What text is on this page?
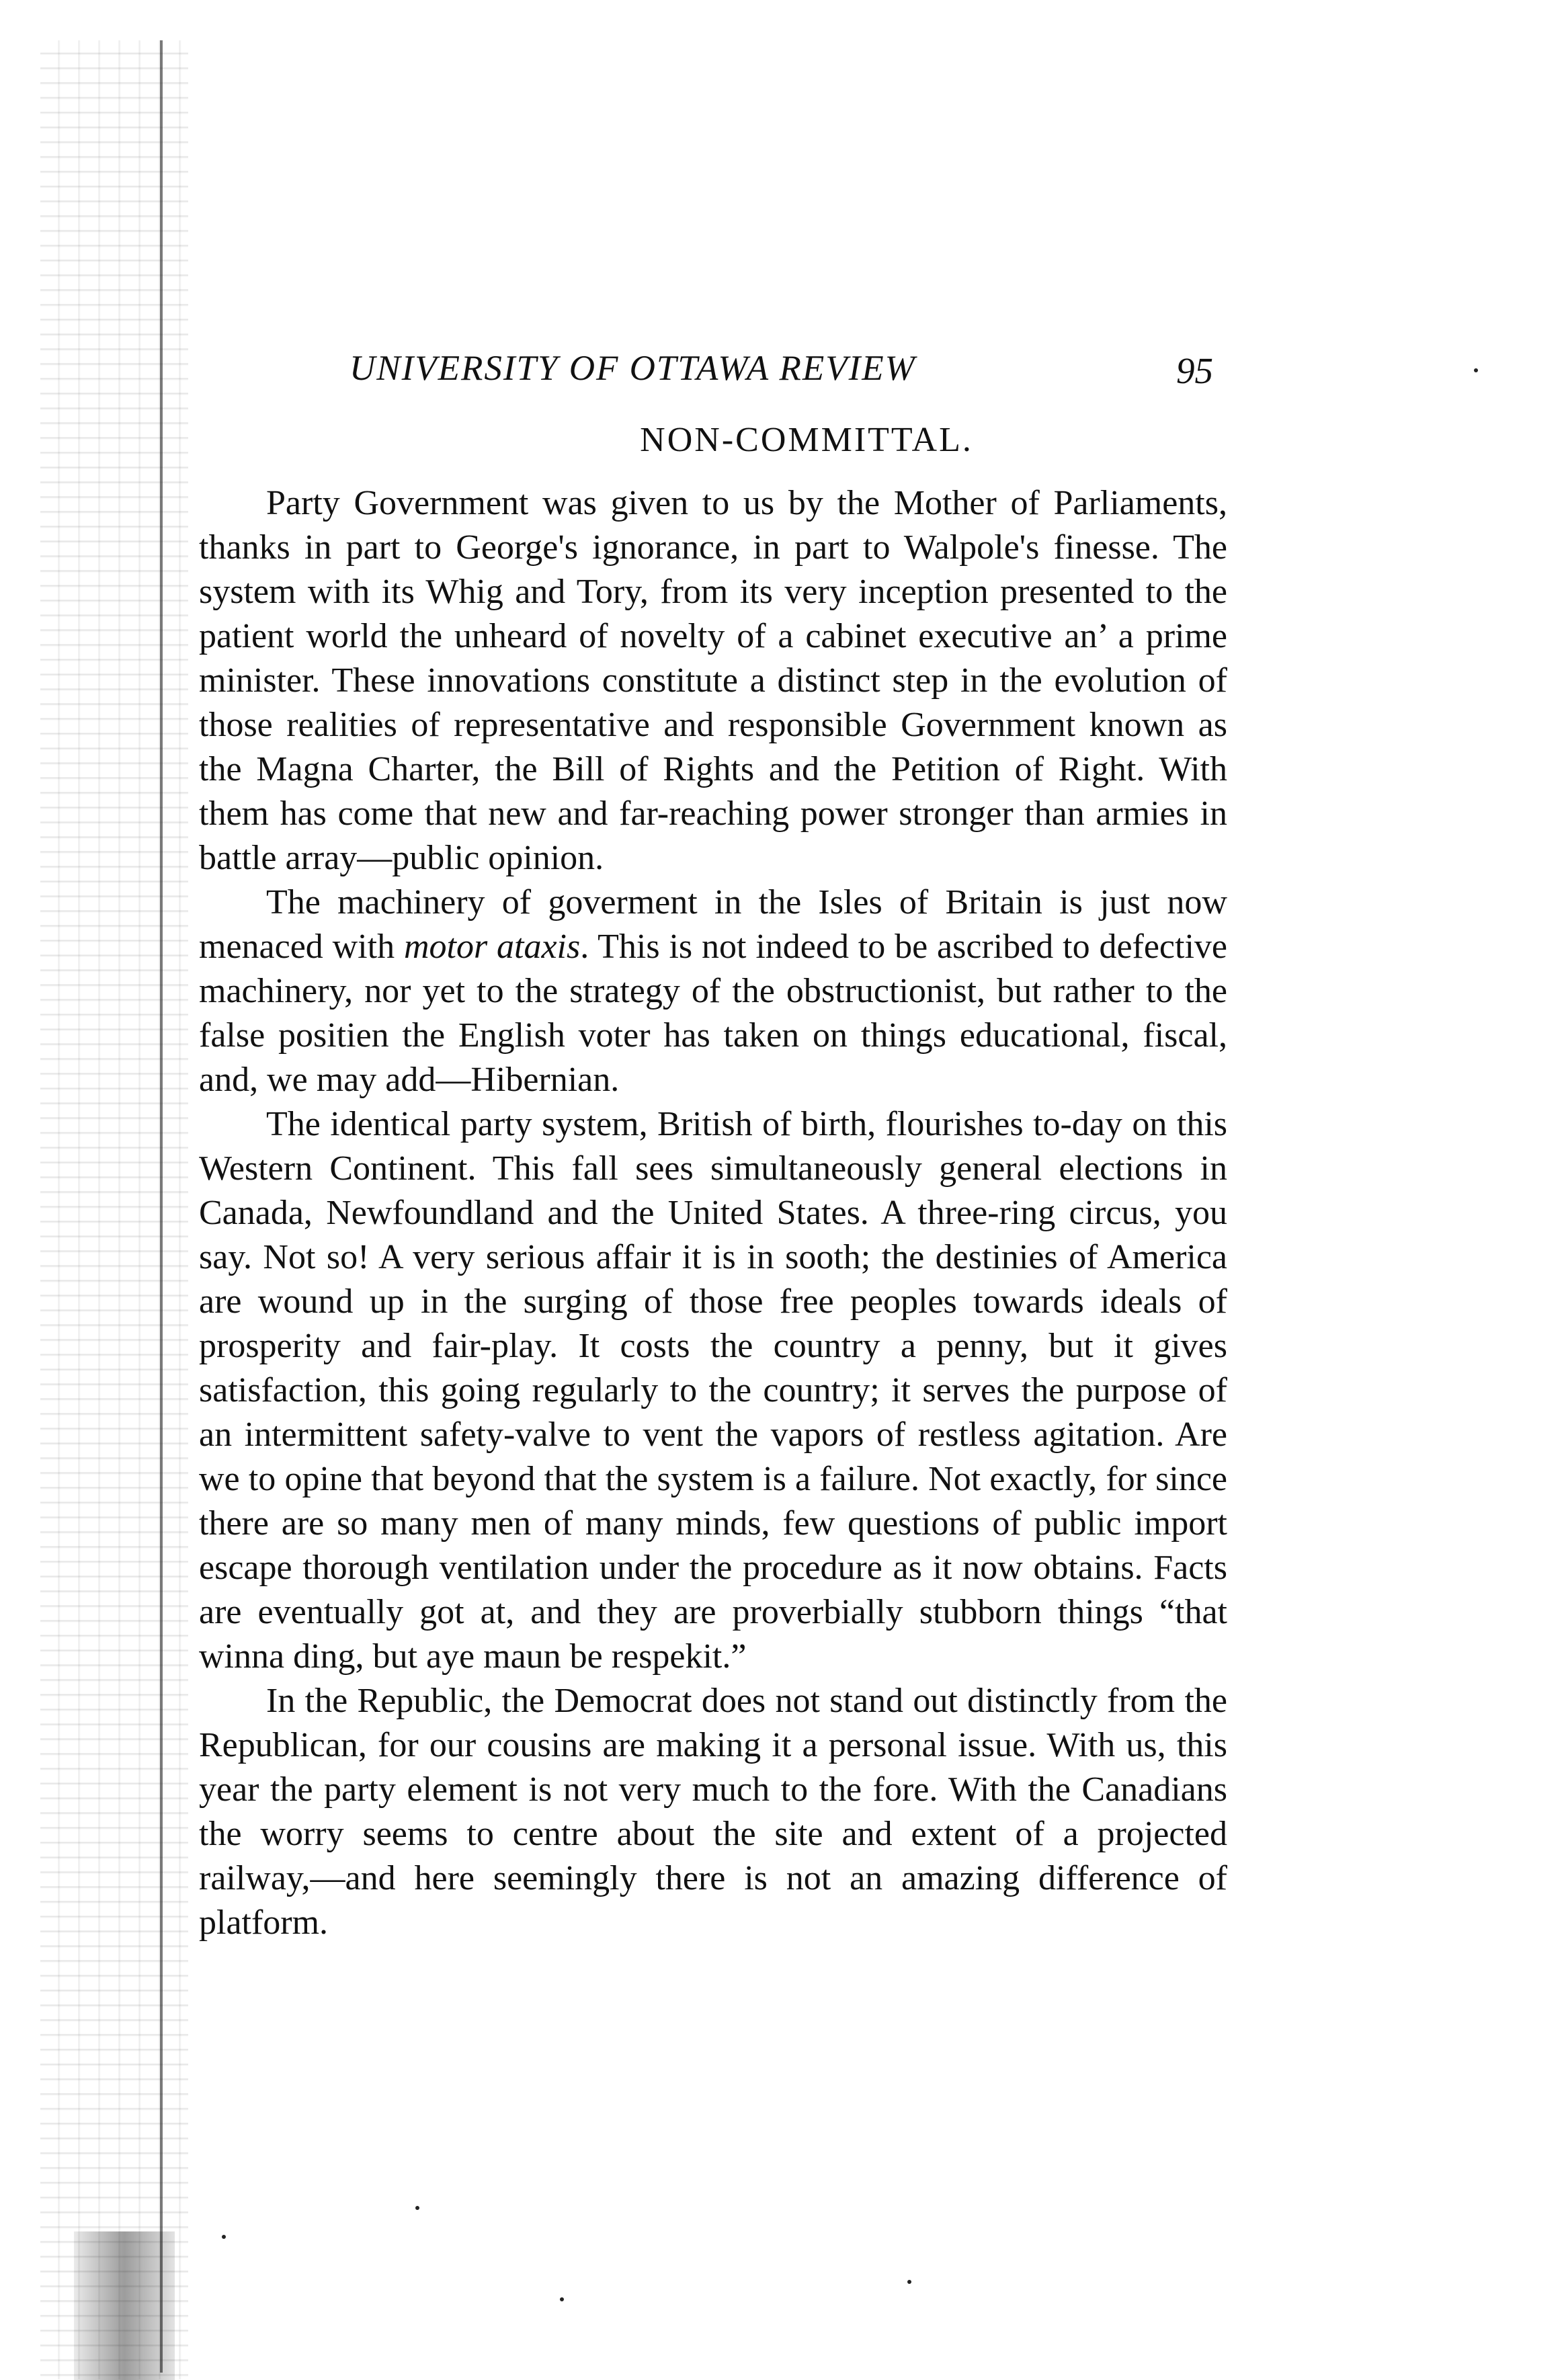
UNIVERSITY OF OTTAWA REVIEW	95
NON-COMMITTAL.

Party Government was given to us by the Mother of Parliaments, thanks in part to George's ignorance, in part to Walpole's finesse. The system with its Whig and Tory, from its very inception presented to the patient world the unheard of novelty of a cabinet executive an’ a prime minister. These innovations constitute a distinct step in the evolution of those realities of representative and responsible Government known as the Magna Charter, the Bill of Rights and the Petition of Right. With them has come that new and far-reaching power stronger than armies in battle array—public opinion.

The machinery of goverment in the Isles of Britain is just now menaced with motor ataxis. This is not indeed to be ascribed to defective machinery, nor yet to the strategy of the obstructionist, but rather to the false positien the English voter has taken on things educational, fiscal, and, we may add—Hibernian.

The identical party system, British of birth, flourishes to-day on this Western Continent. This fall sees simultaneously general elections in Canada, Newfoundland and the United States. A three-ring circus, you say. Not so! A very serious affair it is in sooth; the destinies of America are wound up in the surging of those free peoples towards ideals of prosperity and fair-play. It costs the country a penny, but it gives satisfaction, this going regularly to the country; it serves the purpose of an intermittent safety-valve to vent the vapors of restless agitation. Are we to opine that beyond that the system is a failure. Not exactly, for since there are so many men of many minds, few questions of public import escape thorough ventilation under the procedure as it now obtains. Facts are eventually got at, and they are proverbially stubborn things “that winna ding, but aye maun be respekit.”

In the Republic, the Democrat does not stand out distinctly from the Republican, for our cousins are making it a personal issue. With us, this year the party element is not very much to the fore. With the Canadians the worry seems to centre about the site and extent of a projected railway,—and here seemingly there is not an amazing difference of platform.
